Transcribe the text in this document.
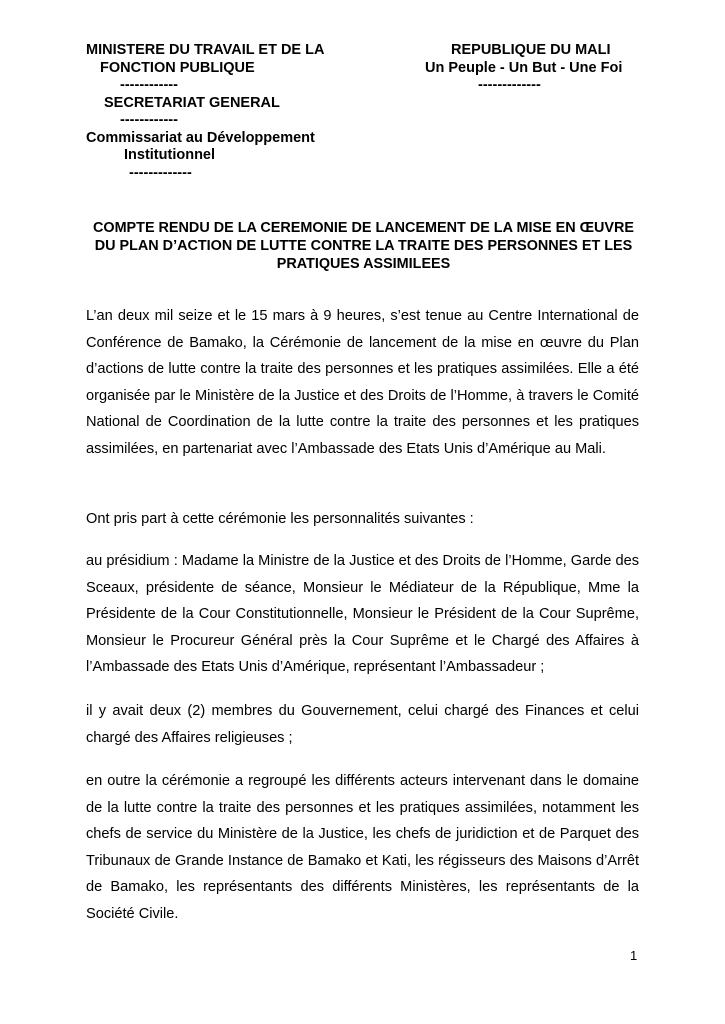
MINISTERE DU TRAVAIL ET DE LA
FONCTION PUBLIQUE
------------
SECRETARIAT GENERAL
------------
Commissariat au Développement
Institutionnel
-------------
REPUBLIQUE DU MALI
Un Peuple - Un But - Une Foi
-------------
COMPTE RENDU DE LA CEREMONIE DE LANCEMENT DE LA MISE EN ŒUVRE DU PLAN D’ACTION DE LUTTE CONTRE LA TRAITE DES PERSONNES ET LES PRATIQUES ASSIMILEES
L’an deux mil seize et le 15 mars à 9 heures, s’est tenue au Centre International de Conférence de Bamako, la Cérémonie de lancement de la mise en œuvre du Plan d’actions de lutte contre la traite des personnes et les pratiques assimilées. Elle a été organisée par le Ministère de la Justice et des Droits de l’Homme, à travers le Comité National de Coordination de la lutte contre la traite des personnes et les pratiques assimilées, en partenariat avec l’Ambassade des Etats Unis d’Amérique au Mali.
Ont pris part à cette cérémonie les personnalités suivantes :
au présidium : Madame la Ministre de la Justice et des Droits de l’Homme, Garde des Sceaux, présidente de séance, Monsieur le Médiateur de la République, Mme la Présidente de la Cour Constitutionnelle, Monsieur le Président de la Cour Suprême, Monsieur le Procureur Général près la Cour Suprême et le Chargé des Affaires à l’Ambassade des Etats Unis d’Amérique, représentant l’Ambassadeur ;
il y avait deux (2) membres du Gouvernement, celui chargé des Finances et celui chargé des Affaires religieuses ;
en outre la cérémonie a regroupé les différents acteurs intervenant dans le domaine de la lutte contre la traite des personnes et les pratiques assimilées, notamment les chefs de service du Ministère de la Justice, les chefs de juridiction et de Parquet des Tribunaux de Grande Instance de Bamako et Kati, les régisseurs des Maisons d’Arrêt de Bamako, les représentants des différents Ministères, les représentants de la Société Civile.
1
